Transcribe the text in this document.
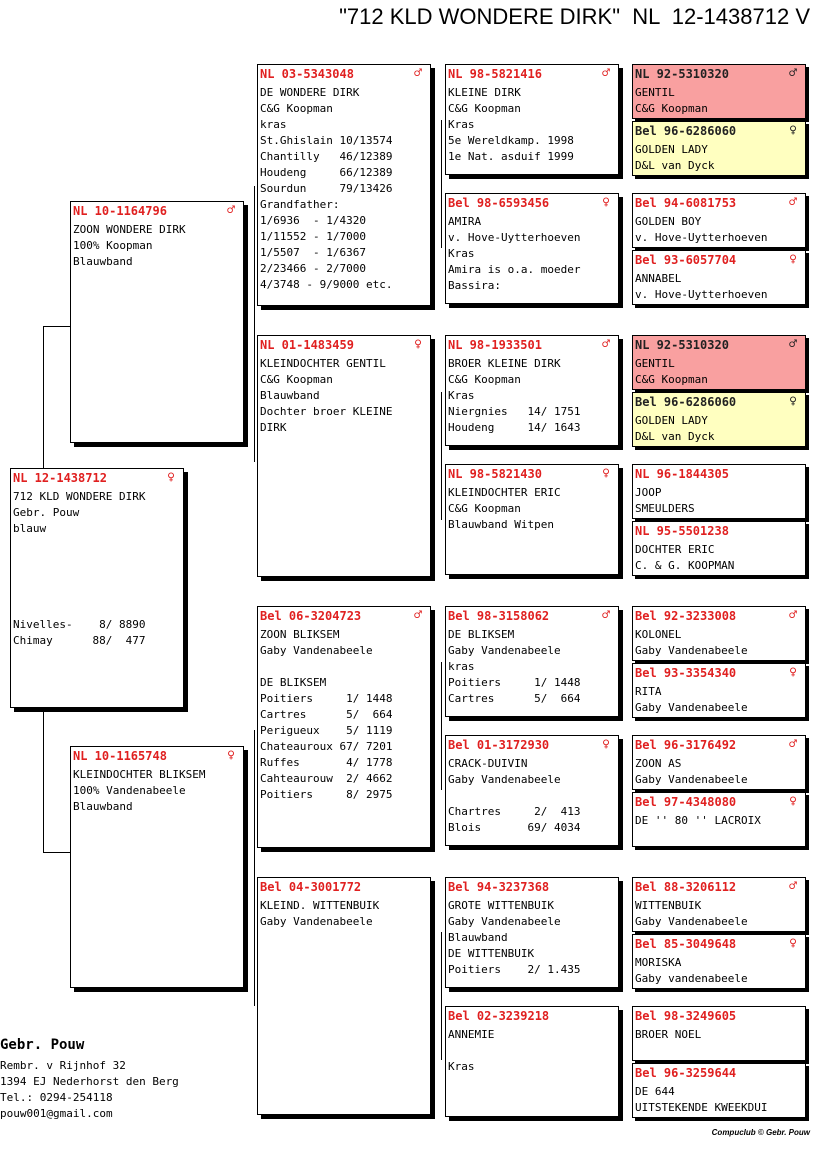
"712 KLD WONDERE DIRK"  NL  12-1438712 V
NL 12-1438712	♀
712 KLD WONDERE DIRK
Gebr. Pouw
blauw
Nivelles-    8/ 8890
Chimay      88/  477
NL 10-1164796	♂
ZOON WONDERE DIRK
100% Koopman
Blauwband
NL 10-1165748	♀
KLEINDOCHTER BLIKSEM
100% Vandenabeele
Blauwband
NL 03-5343048	♂
DE WONDERE DIRK
C&G Koopman
kras
St.Ghislain 10/13574
Chantilly   46/12389
Houdeng     66/12389
Sourdun     79/13426
Grandfather:
1/6936  - 1/4320
1/11552 - 1/7000
1/5507  - 1/6367
2/23466 - 2/7000
4/3748 - 9/9000 etc.
NL 01-1483459	♀
KLEINDOCHTER GENTIL
C&G Koopman
Blauwband
Dochter broer KLEINE
DIRK
Bel 06-3204723	♂
ZOON BLIKSEM
Gaby Vandenabeele
DE BLIKSEM
Poitiers     1/ 1448
Cartres      5/  664
Perigueux    5/ 1119
Chateauroux 67/ 7201
Ruffes       4/ 1778
Cahteaurouw  2/ 4662
Poitiers     8/ 2975
Bel 04-3001772
KLEIND. WITTENBUIK
Gaby Vandenabeele
NL 98-5821416	♂
KLEINE DIRK
C&G Koopman
Kras
5e Wereldkamp. 1998
1e Nat. asduif 1999
Bel 98-6593456	♀
AMIRA
v. Hove-Uytterhoeven
Kras
Amira is o.a. moeder
Bassira:
NL 98-1933501	♂
BROER KLEINE DIRK
C&G Koopman
Kras
Niergnies   14/ 1751
Houdeng     14/ 1643
NL 98-5821430	♀
KLEINDOCHTER ERIC
C&G Koopman
Blauwband Witpen
Bel 98-3158062	♂
DE BLIKSEM
Gaby Vandenabeele
kras
Poitiers     1/ 1448
Cartres      5/  664
Bel 01-3172930	♀
CRACK-DUIVIN
Gaby Vandenabeele
Chartres     2/  413
Blois       69/ 4034
Bel 94-3237368
GROTE WITTENBUIK
Gaby Vandenabeele
Blauwband
DE WITTENBUIK
Poitiers    2/ 1.435
Bel 02-3239218
ANNEMIE
Kras
NL 92-5310320	♂
GENTIL
C&G Koopman
Bel 96-6286060	♀
GOLDEN LADY
D&L van Dyck
Bel 94-6081753	♂
GOLDEN BOY
v. Hove-Uytterhoeven
Bel 93-6057704	♀
ANNABEL
v. Hove-Uytterhoeven
NL 92-5310320	♂
GENTIL
C&G Koopman
Bel 96-6286060	♀
GOLDEN LADY
D&L van Dyck
NL 96-1844305
JOOP
SMEULDERS
NL 95-5501238
DOCHTER ERIC
C. & G. KOOPMAN
Bel 92-3233008	♂
KOLONEL
Gaby Vandenabeele
Bel 93-3354340	♀
RITA
Gaby Vandenabeele
Bel 96-3176492	♂
ZOON AS
Gaby Vandenabeele
Bel 97-4348080	♀
DE '' 80 '' LACROIX
Bel 88-3206112	♂
WITTENBUIK
Gaby Vandenabeele
Bel 85-3049648	♀
MORISKA
Gaby vandenabeele
Bel 98-3249605
BROER NOEL
Bel 96-3259644
DE 644
UITSTEKENDE KWEEKDUI
Gebr. Pouw
Rembr. v Rijnhof 32
1394 EJ Nederhorst den Berg
Tel.: 0294-254118
pouw001@gmail.com
Compuclub © Gebr. Pouw
